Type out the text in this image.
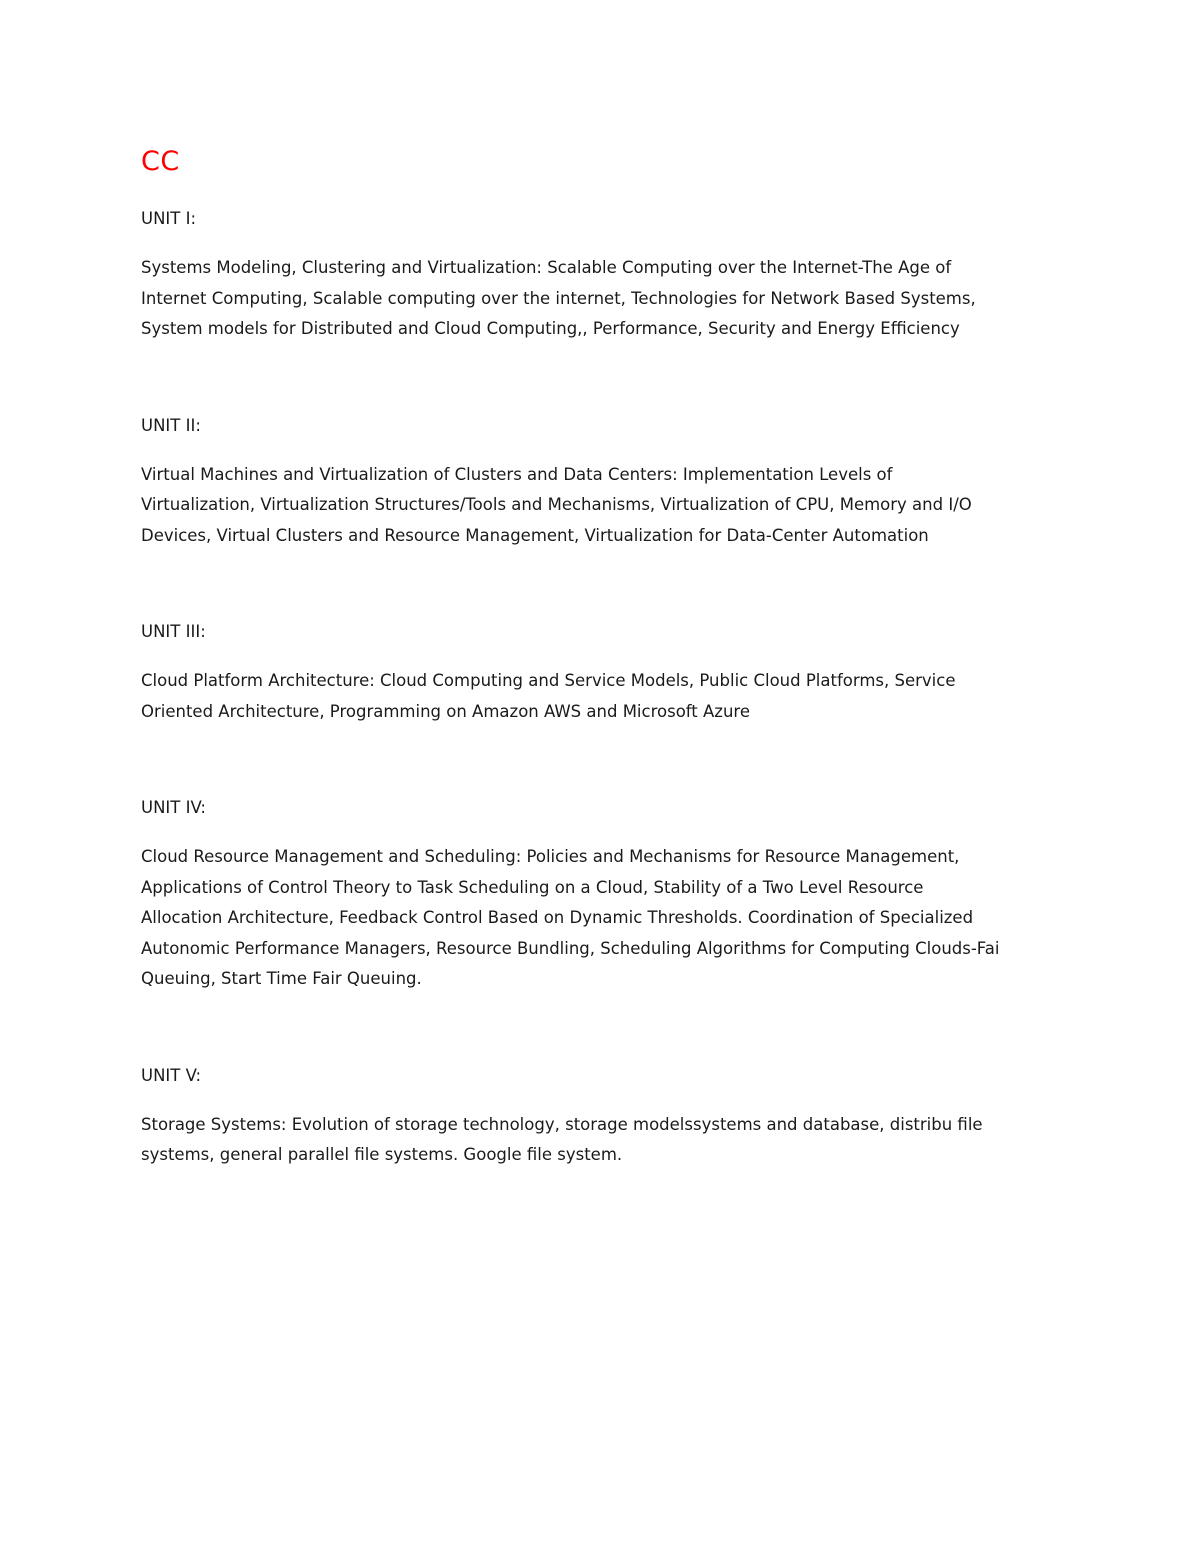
CC
UNIT I:

Systems Modeling, Clustering and Virtualization: Scalable Computing over the Internet-The Age of
Internet Computing, Scalable computing over the internet, Technologies for Network Based Systems,
System models for Distributed and Cloud Computing,, Performance, Security and Energy Efficiency

UNIT II:

Virtual Machines and Virtualization of Clusters and Data Centers: Implementation Levels of
Virtualization, Virtualization Structures/Tools and Mechanisms, Virtualization of CPU, Memory and I/O
Devices, Virtual Clusters and Resource Management, Virtualization for Data-Center Automation

UNIT III:

Cloud Platform Architecture: Cloud Computing and Service Models, Public Cloud Platforms, Service
Oriented Architecture, Programming on Amazon AWS and Microsoft Azure

UNIT IV:

Cloud Resource Management and Scheduling: Policies and Mechanisms for Resource Management,
Applications of Control Theory to Task Scheduling on a Cloud, Stability of a Two Level Resource
Allocation Architecture, Feedback Control Based on Dynamic Thresholds. Coordination of Specialized
Autonomic Performance Managers, Resource Bundling, Scheduling Algorithms for Computing Clouds-Fai
Queuing, Start Time Fair Queuing.

UNIT V:

Storage Systems: Evolution of storage technology, storage modelssystems and database, distribu file
systems, general parallel file systems. Google file system.
